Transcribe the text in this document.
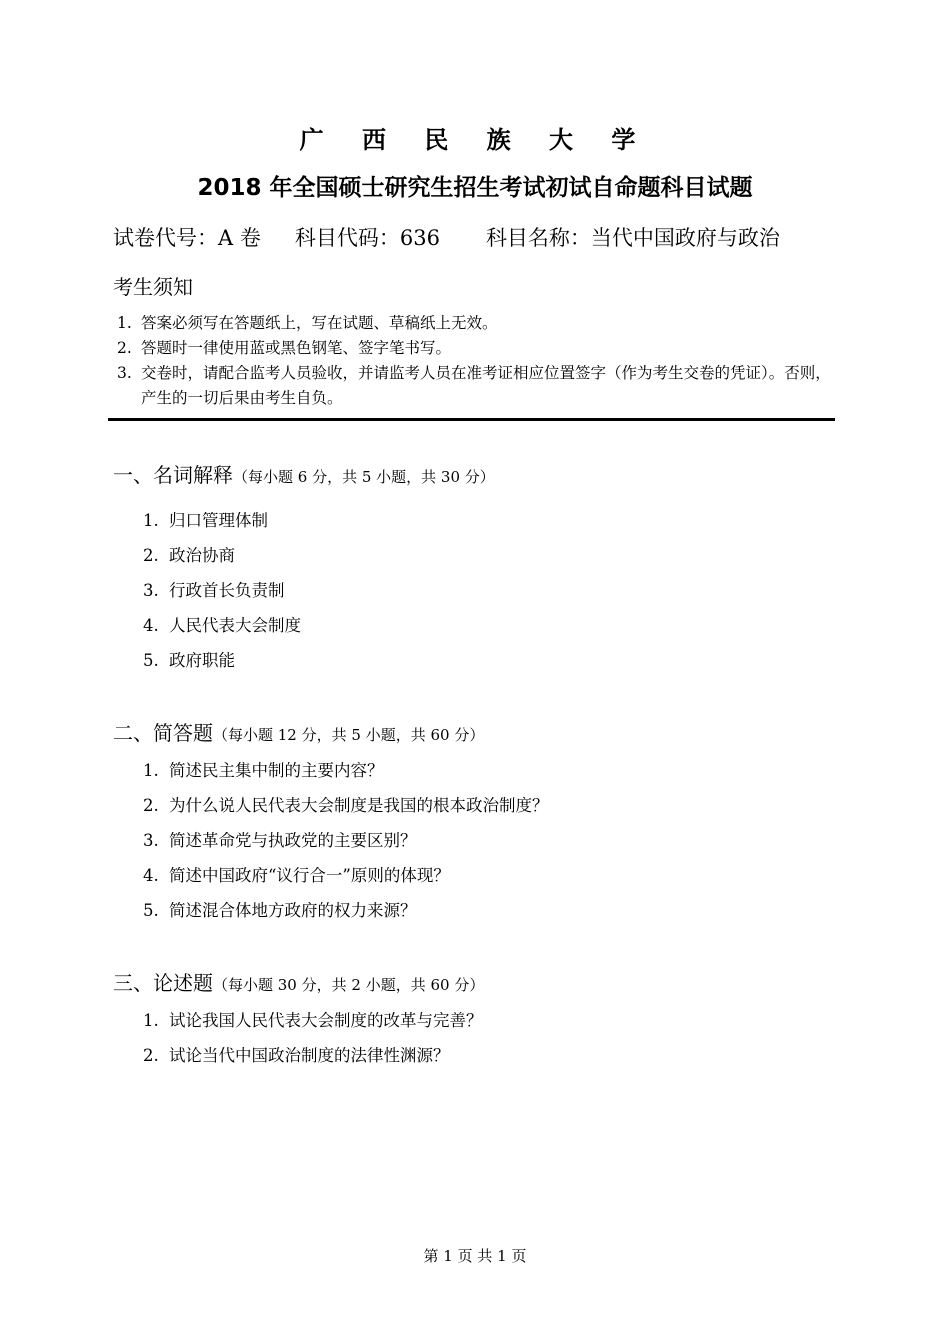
广 西 民 族 大 学
2018 年全国硕士研究生招生考试初试自命题科目试题
试卷代号：A 卷 科目代码：636 科目名称：当代中国政府与政治
考生须知
1. 答案必须写在答题纸上，写在试题、草稿纸上无效。
2. 答题时一律使用蓝或黑色钢笔、签字笔书写。
3. 交卷时，请配合监考人员验收，并请监考人员在准考证相应位置签字（作为考生交卷的凭证）。否则，产生的一切后果由考生自负。
一、名词解释（每小题 6 分，共 5 小题，共 30 分）
1. 归口管理体制
2. 政治协商
3. 行政首长负责制
4. 人民代表大会制度
5. 政府职能
二、简答题（每小题 12 分，共 5 小题，共 60 分）
1. 简述民主集中制的主要内容？
2. 为什么说人民代表大会制度是我国的根本政治制度？
3. 简述革命党与执政党的主要区别？
4. 简述中国政府“议行合一”原则的体现？
5. 简述混合体地方政府的权力来源？
三、论述题（每小题 30 分，共 2 小题，共 60 分）
1. 试论我国人民代表大会制度的改革与完善？
2. 试论当代中国政治制度的法律性渊源？
第 1 页 共 1 页
